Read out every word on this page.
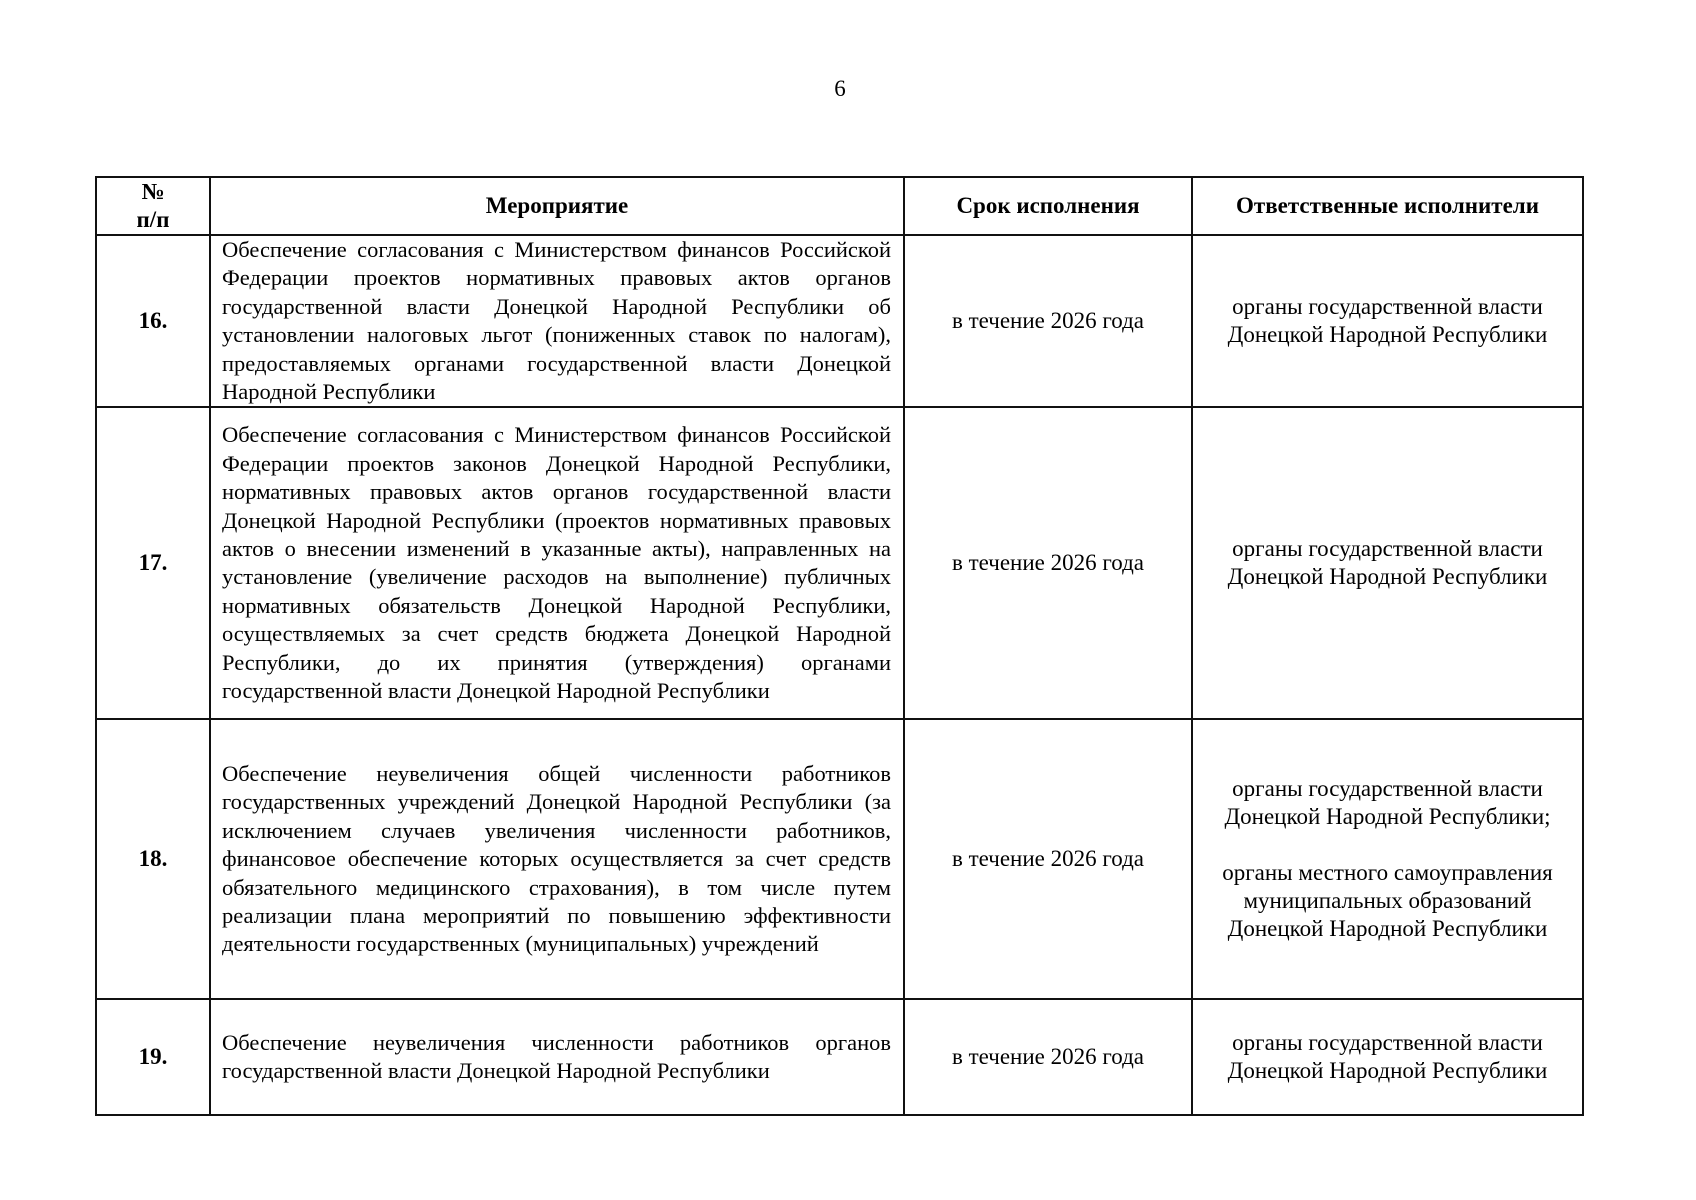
6
№
п/п	Мероприятие	Срок исполнения	Ответственные исполнители
16.	Обеспечение согласования с Министерством финансов Российской Федерации проектов нормативных правовых актов органов государственной власти Донецкой Народной Республики об установлении налоговых льгот (пониженных ставок по налогам), предоставляемых органами государственной власти Донецкой Народной Республики	в течение 2026 года	органы государственной власти Донецкой Народной Республики

17.	Обеспечение согласования с Министерством финансов Российской Федерации проектов законов Донецкой Народной Республики, нормативных правовых актов органов государственной власти Донецкой Народной Республики (проектов нормативных правовых актов о внесении изменений в указанные акты), направленных на установление (увеличение расходов на выполнение) публичных нормативных обязательств Донецкой Народной Республики, осуществляемых за счет средств бюджета Донецкой Народной Республики, до их принятия (утверждения) органами государственной власти Донецкой Народной Республики	в течение 2026 года	органы государственной власти Донецкой Народной Республики

18.	Обеспечение неувеличения общей численности работников государственных учреждений Донецкой Народной Республики (за исключением случаев увеличения численности работников, финансовое обеспечение которых осуществляется за счет средств обязательного медицинского страхования), в том числе путем реализации плана мероприятий по повышению эффективности деятельности государственных (муниципальных) учреждений	в течение 2026 года	органы государственной власти Донецкой Народной Республики;
органы местного самоуправления муниципальных образований Донецкой Народной Республики

19.	Обеспечение неувеличения численности работников органов государственной власти Донецкой Народной Республики	в течение 2026 года	органы государственной власти Донецкой Народной Республики
